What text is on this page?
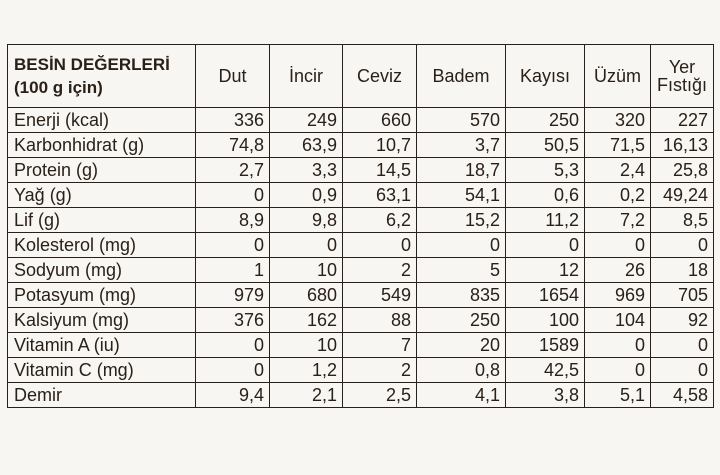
BESİN DEĞERLERİ
(100 g için)	Dut	İncir	Ceviz	Badem	Kayısı	Üzüm	Yer
Fıstığı

Enerji (kcal)	336	249	660	570	250	320	227
Karbonhidrat (g)	74,8	63,9	10,7	3,7	50,5	71,5	16,13
Protein (g)	2,7	3,3	14,5	18,7	5,3	2,4	25,8
Yağ (g)	0	0,9	63,1	54,1	0,6	0,2	49,24
Lif (g)	8,9	9,8	6,2	15,2	11,2	7,2	8,5
Kolesterol (mg)	0	0	0	0	0	0	0
Sodyum (mg)	1	10	2	5	12	26	18
Potasyum (mg)	979	680	549	835	1654	969	705
Kalsiyum (mg)	376	162	88	250	100	104	92
Vitamin A (iu)	0	10	7	20	1589	0	0
Vitamin C (mg)	0	1,2	2	0,8	42,5	0	0
Demir	9,4	2,1	2,5	4,1	3,8	5,1	4,58
